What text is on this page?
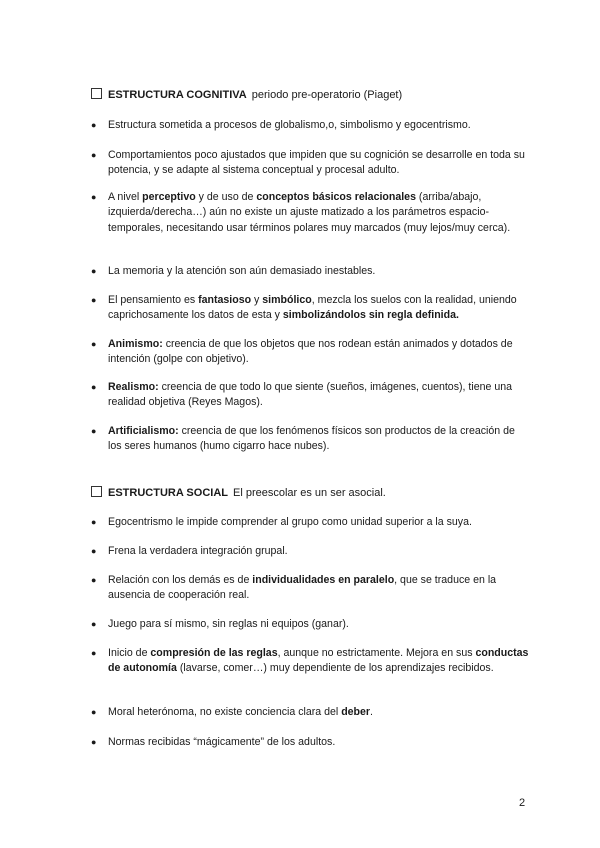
ESTRUCTURA COGNITIVA periodo pre-operatorio (Piaget)
● Estructura sometida a procesos de globalismo,o, simbolismo y egocentrismo.
● Comportamientos poco ajustados que impiden que su cognición se desarrolle en toda su potencia, y se adapte al sistema conceptual y procesal adulto.
● A nivel perceptivo y de uso de conceptos básicos relacionales (arriba/abajo, izquierda/derecha…) aún no existe un ajuste matizado a los parámetros espacio-temporales, necesitando usar términos polares muy marcados (muy lejos/muy cerca).
● La memoria y la atención son aún demasiado inestables.
● El pensamiento es fantasioso y simbólico, mezcla los suelos con la realidad, uniendo caprichosamente los datos de esta y simbolizándolos sin regla definida.
● Animismo: creencia de que los objetos que nos rodean están animados y dotados de intención (golpe con objetivo).
● Realismo: creencia de que todo lo que siente (sueños, imágenes, cuentos), tiene una realidad objetiva (Reyes Magos).
● Artificialismo: creencia de que los fenómenos físicos son productos de la creación de los seres humanos (humo cigarro hace nubes).
ESTRUCTURA SOCIAL El preescolar es un ser asocial.
● Egocentrismo le impide comprender al grupo como unidad superior a la suya.
● Frena la verdadera integración grupal.
● Relación con los demás es de individualidades en paralelo, que se traduce en la ausencia de cooperación real.
● Juego para sí mismo, sin reglas ni equipos (ganar).
● Inicio de compresión de las reglas, aunque no estrictamente. Mejora en sus conductas de autonomía (lavarse, comer…) muy dependiente de los aprendizajes recibidos.
● Moral heterónoma, no existe conciencia clara del deber.
● Normas recibidas “mágicamente” de los adultos.
2
